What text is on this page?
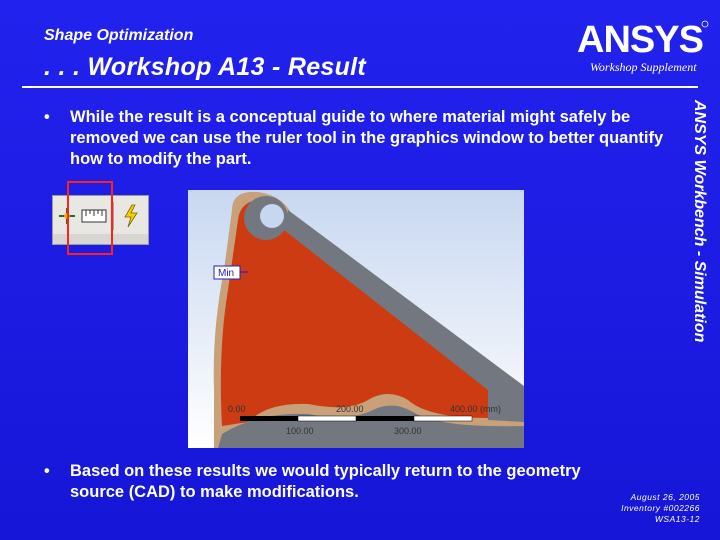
Shape Optimization
. . . Workshop A13 - Result
ANSYS
Workshop Supplement
ANSYS Workbench - Simulation
• While the result is a conceptual guide to where material might safely be removed we can use the ruler tool in the graphics window to better quantify how to modify the part.
Min
0.00	200.00	400.00 (mm)
100.00	300.00
• Based on these results we would typically return to the geometry source (CAD) to make modifications.	August 26, 2005
Inventory #002266
WSA13-12
